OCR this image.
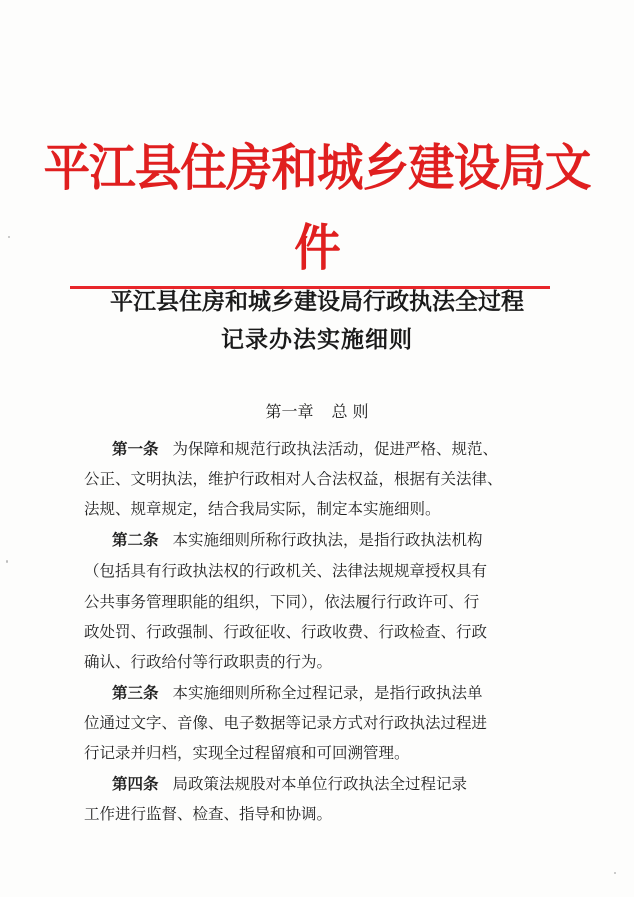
平江县住房和城乡建设局文件
平江县住房和城乡建设局行政执法全过程
记录办法实施细则
第一章 总 则
第一条 为保障和规范行政执法活动，促进严格、规范、
公正、文明执法，维护行政相对人合法权益，根据有关法律、
法规、规章规定，结合我局实际，制定本实施细则。
第二条 本实施细则所称行政执法，是指行政执法机构
（包括具有行政执法权的行政机关、法律法规规章授权具有
公共事务管理职能的组织，下同），依法履行行政许可、行
政处罚、行政强制、行政征收、行政收费、行政检查、行政
确认、行政给付等行政职责的行为。
第三条 本实施细则所称全过程记录，是指行政执法单
位通过文字、音像、电子数据等记录方式对行政执法过程进
行记录并归档，实现全过程留痕和可回溯管理。
第四条 局政策法规股对本单位行政执法全过程记录
工作进行监督、检查、指导和协调。
